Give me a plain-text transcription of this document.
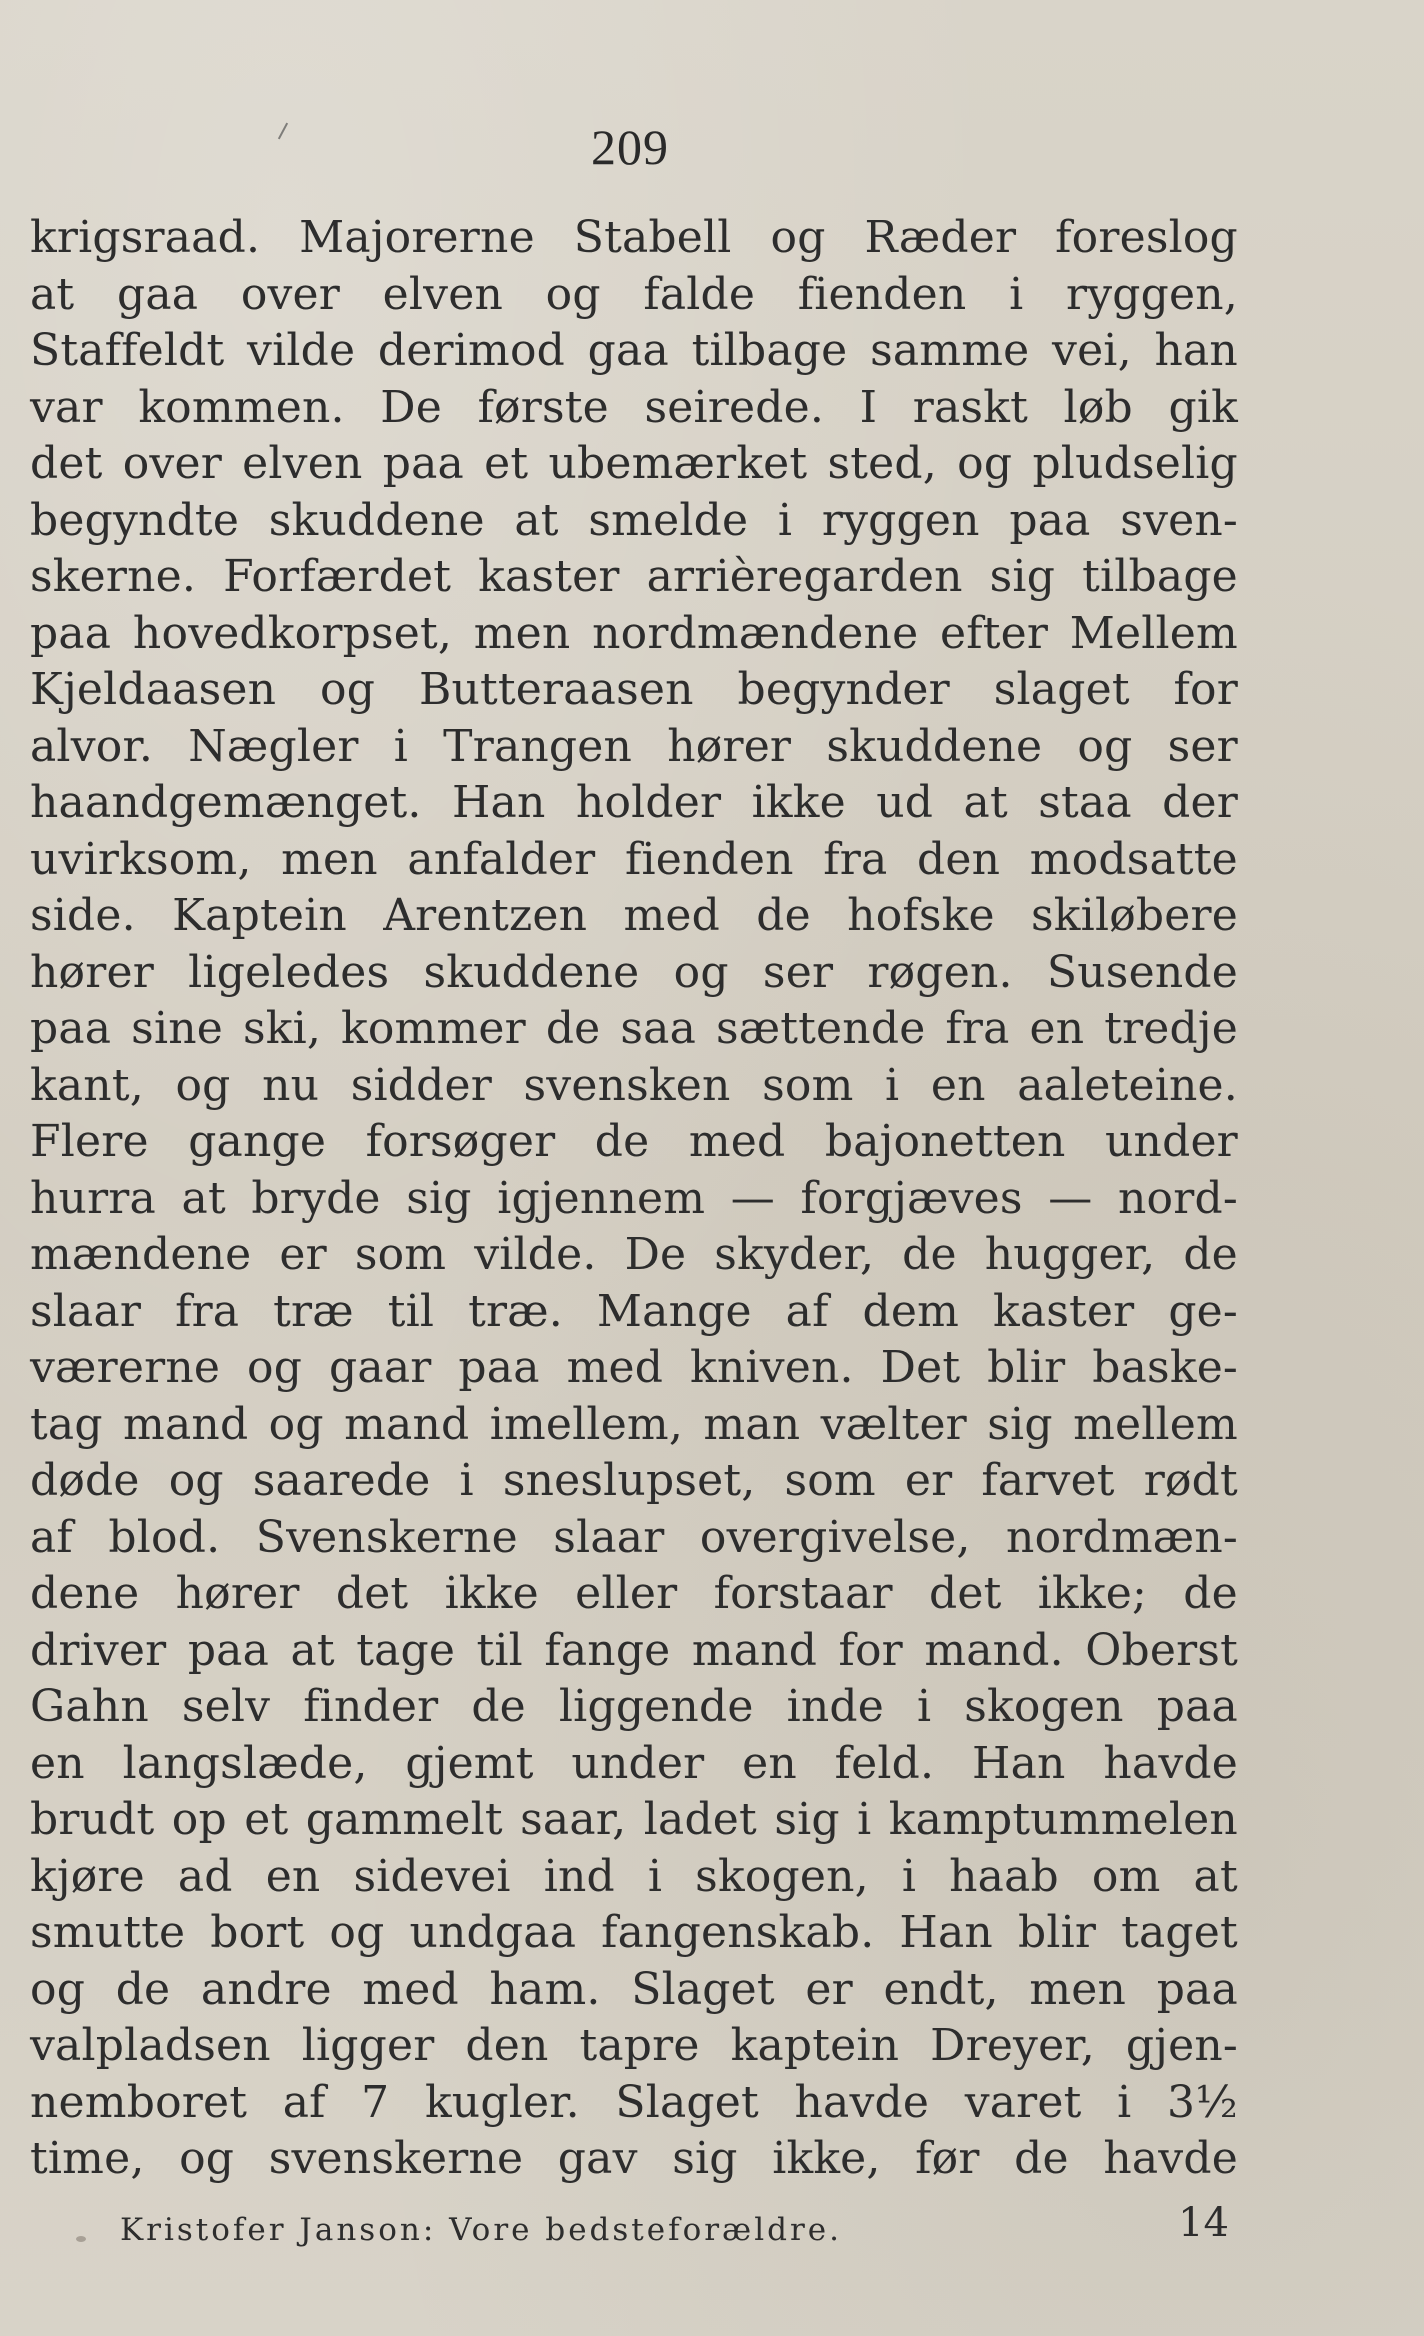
209
krigsraad. Majorerne Stabell og Ræder foreslog
at gaa over elven og falde fienden i ryggen,
Staffeldt vilde derimod gaa tilbage samme vei, han
var kommen. De første seirede. I raskt løb gik
det over elven paa et ubemærket sted, og pludselig
begyndte skuddene at smelde i ryggen paa sven-
skerne. Forfærdet kaster arrièregarden sig tilbage
paa hovedkorpset, men nordmændene efter Mellem
Kjeldaasen og Butteraasen begynder slaget for
alvor. Nægler i Trangen hører skuddene og ser
haandgemænget. Han holder ikke ud at staa der
uvirksom, men anfalder fienden fra den modsatte
side. Kaptein Arentzen med de hofske skiløbere
hører ligeledes skuddene og ser røgen. Susende
paa sine ski, kommer de saa sættende fra en tredje
kant, og nu sidder svensken som i en aaleteine.
Flere gange forsøger de med bajonetten under
hurra at bryde sig igjennem — forgjæves — nord-
mændene er som vilde. De skyder, de hugger, de
slaar fra træ til træ. Mange af dem kaster ge-
værerne og gaar paa med kniven. Det blir baske-
tag mand og mand imellem, man vælter sig mellem
døde og saarede i sneslupset, som er farvet rødt
af blod. Svenskerne slaar overgivelse, nordmæn-
dene hører det ikke eller forstaar det ikke; de
driver paa at tage til fange mand for mand. Oberst
Gahn selv finder de liggende inde i skogen paa
en langslæde, gjemt under en feld. Han havde
brudt op et gammelt saar, ladet sig i kamptummelen
kjøre ad en sidevei ind i skogen, i haab om at
smutte bort og undgaa fangenskab. Han blir taget
og de andre med ham. Slaget er endt, men paa
valpladsen ligger den tapre kaptein Dreyer, gjen-
nemboret af 7 kugler. Slaget havde varet i 3½
time, og svenskerne gav sig ikke, før de havde
Kristofer Janson: Vore bedsteforældre.	14
